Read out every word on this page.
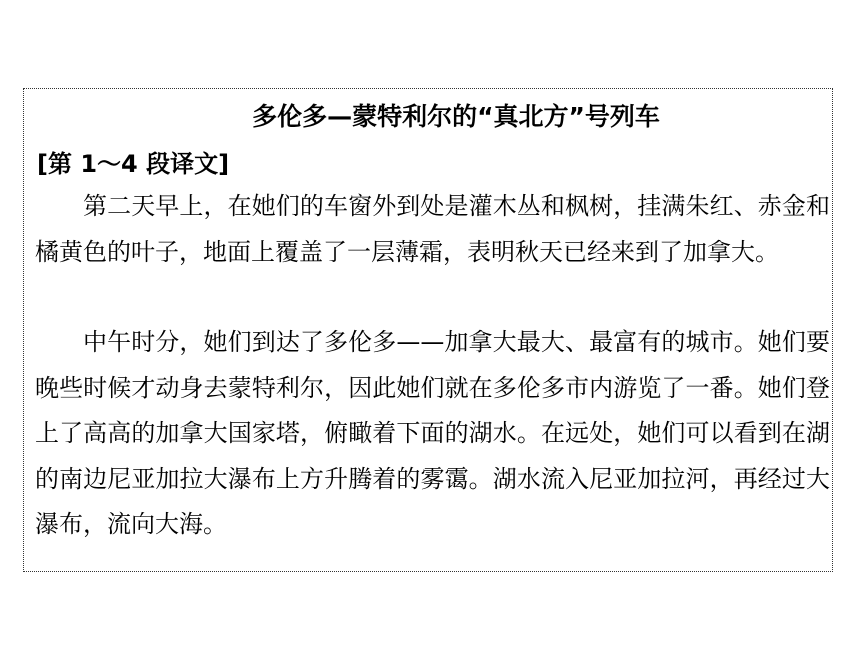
多伦多—蒙特利尔的“真北方”号列车
[第 1～4 段译文]

第二天早上，在她们的车窗外到处是灌木丛和枫树，挂满朱红、赤金和橘黄色的叶子，地面上覆盖了一层薄霜，表明秋天已经来到了加拿大。

中午时分，她们到达了多伦多——加拿大最大、最富有的城市。她们要晚些时候才动身去蒙特利尔，因此她们就在多伦多市内游览了一番。她们登上了高高的加拿大国家塔，俯瞰着下面的湖水。在远处，她们可以看到在湖的南边尼亚加拉大瀑布上方升腾着的雾霭。湖水流入尼亚加拉河，再经过大瀑布，流向大海。
